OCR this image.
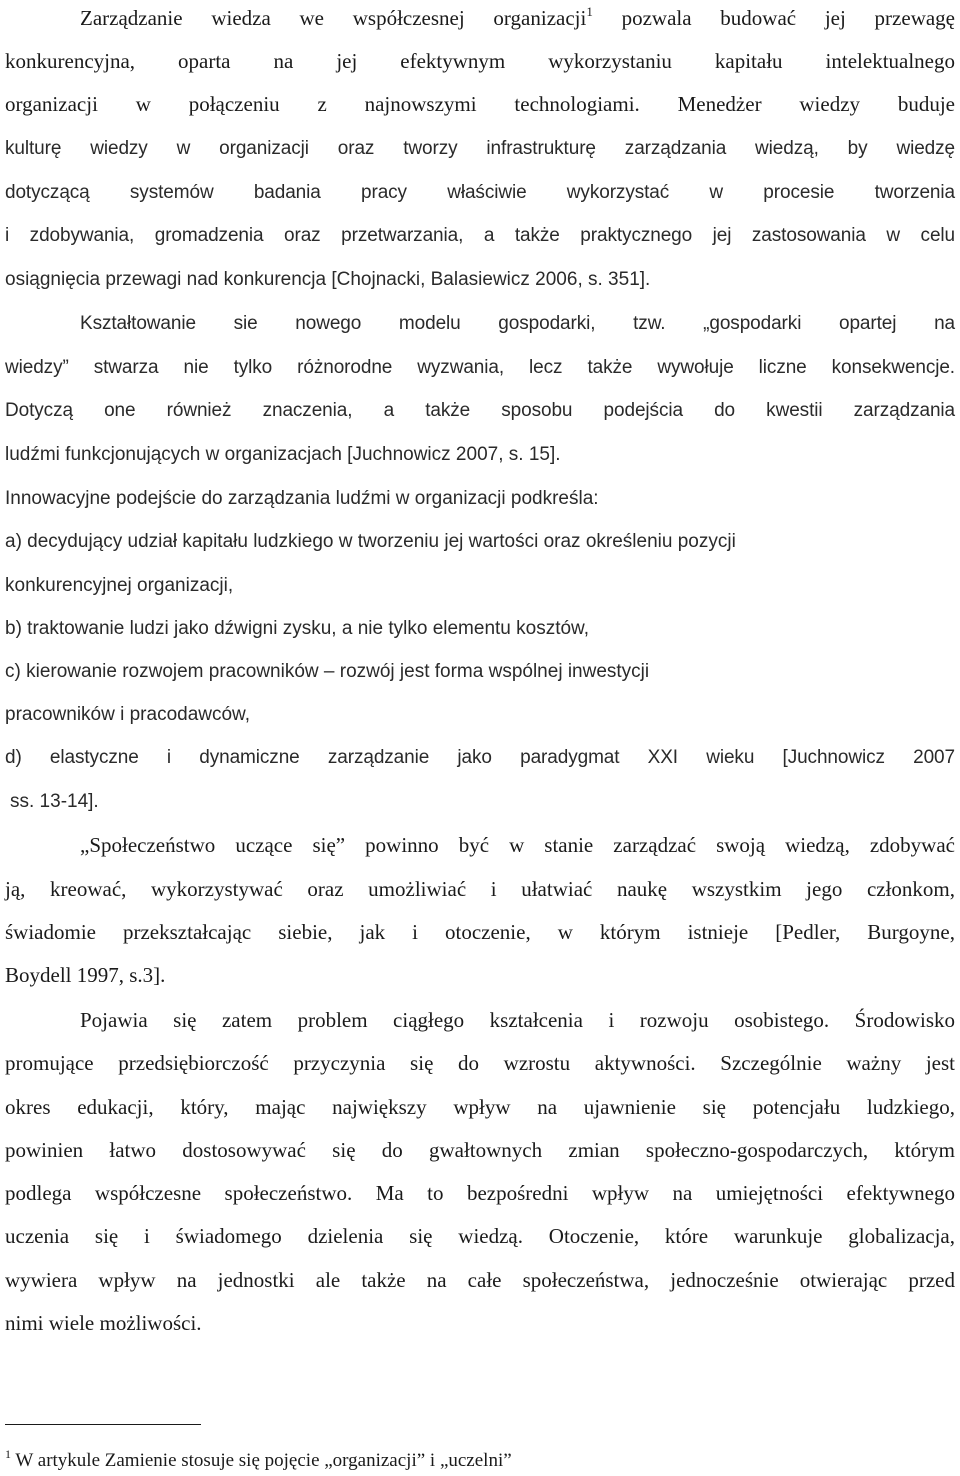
Zarządzanie wiedza we współczesnej organizacji$^1$ pozwala budować jej przewagę
konkurencyjna, oparta na jej efektywnym wykorzystaniu kapitału intelektualnego
organizacji w połączeniu z najnowszymi technologiami. Menedżer wiedzy buduje
kulturę wiedzy w organizacji oraz tworzy infrastrukturę zarządzania wiedzą, by wiedzę
dotyczącą systemów badania pracy właściwie wykorzystać w procesie tworzenia
i zdobywania, gromadzenia oraz przetwarzania, a także praktycznego jej zastosowania w celu
osiągnięcia przewagi nad konkurencja [Chojnacki, Balasiewicz 2006, s. 351].
Kształtowanie sie nowego modelu gospodarki, tzw. „gospodarki opartej na
wiedzy” stwarza nie tylko różnorodne wyzwania, lecz także wywołuje liczne konsekwencje.
Dotyczą one również znaczenia, a także sposobu podejścia do kwestii zarządzania
ludźmi funkcjonujących w organizacjach [Juchnowicz 2007, s. 15].
Innowacyjne podejście do zarządzania ludźmi w organizacji podkreśla:
a) decydujący udział kapitału ludzkiego w tworzeniu jej wartości oraz określeniu pozycji
konkurencyjnej organizacji,
b) traktowanie ludzi jako dźwigni zysku, a nie tylko elementu kosztów,
c) kierowanie rozwojem pracowników – rozwój jest forma wspólnej inwestycji
pracowników i pracodawców,
d) elastyczne i dynamiczne zarządzanie jako paradygmat XXI wieku [Juchnowicz 2007
ss. 13-14].
„Społeczeństwo uczące się” powinno być w stanie zarządzać swoją wiedzą, zdobywać
ją, kreować, wykorzystywać oraz umożliwiać i ułatwiać naukę wszystkim jego członkom,
świadomie przekształcając siebie, jak i otoczenie, w którym istnieje [Pedler, Burgoyne,
Boydell 1997, s.3].
Pojawia się zatem problem ciągłego kształcenia i rozwoju osobistego. Środowisko
promujące przedsiębiorczość przyczynia się do wzrostu aktywności. Szczególnie ważny jest
okres edukacji, który, mając największy wpływ na ujawnienie się potencjału ludzkiego,
powinien łatwo dostosowywać się do gwałtownych zmian społeczno-gospodarczych, którym
podlega współczesne społeczeństwo. Ma to bezpośredni wpływ na umiejętności efektywnego
uczenia się i świadomego dzielenia się wiedzą. Otoczenie, które warunkuje globalizacja,
wywiera wpływ na jednostki ale także na całe społeczeństwa, jednocześnie otwierając przed
nimi wiele możliwości.
$^1$ W artykule Zamienie stosuje się pojęcie „organizacji” i „uczelni”
